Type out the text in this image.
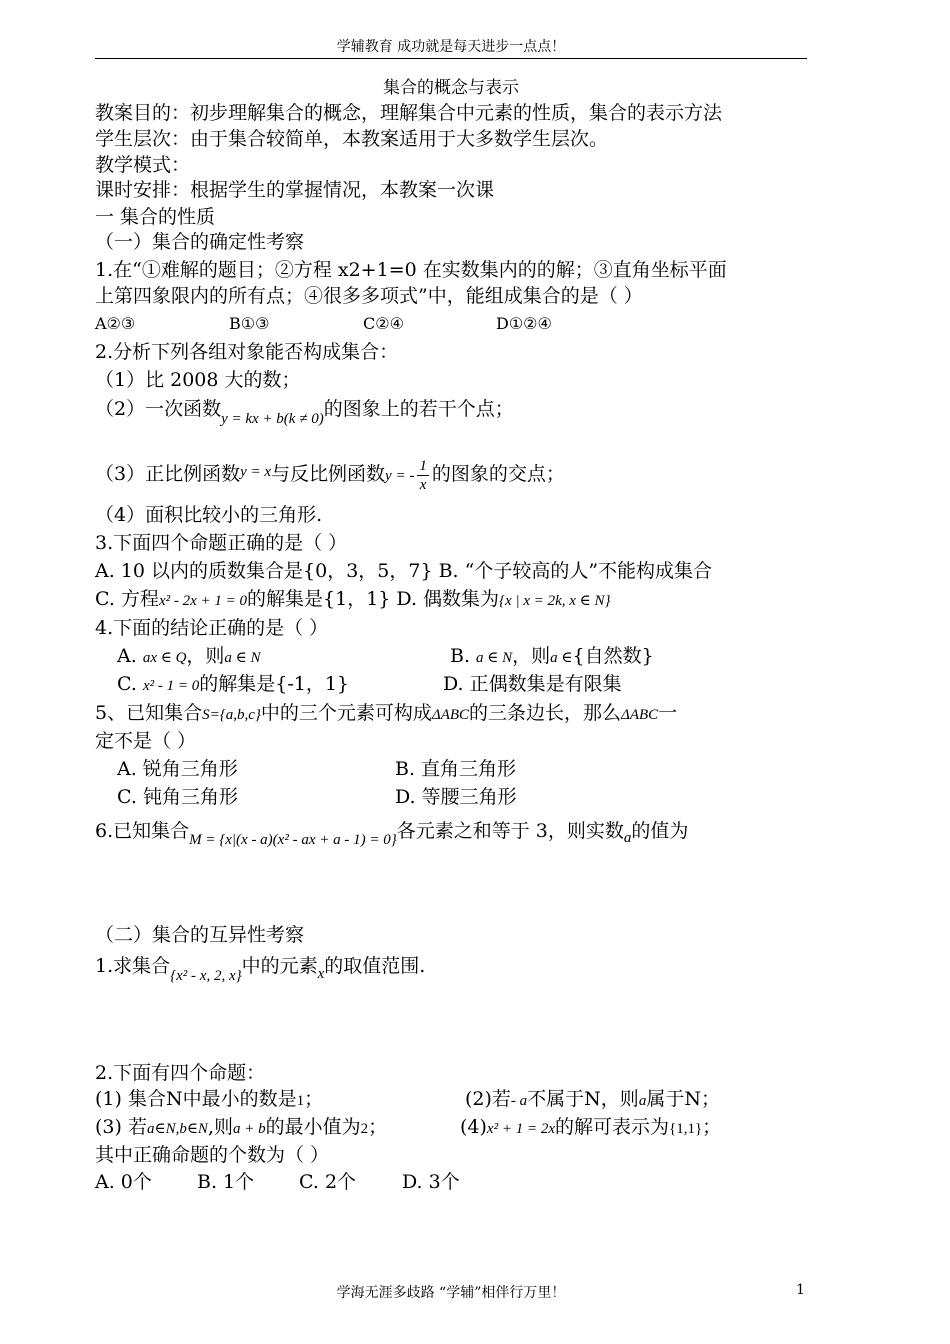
学辅教育 成功就是每天进步一点点！
集合的概念与表示
教案目的：初步理解集合的概念，理解集合中元素的性质，集合的表示方法
学生层次：由于集合较简单，本教案适用于大多数学生层次。
教学模式：
课时安排：根据学生的掌握情况，本教案一次课
一 集合的性质
（一）集合的确定性考察
1.在“①难解的题目；②方程 x2+1=0 在实数集内的的解；③直角坐标平面
上第四象限内的所有点；④很多多项式”中，能组成集合的是（ ）
A②③	B①③	C②④	D①②④
2.分析下列各组对象能否构成集合：
（1）比 2008 大的数；
（2）一次函数$_{y = kx + b(k \ne 0)}$的图象上的若干个点；
（3）正比例函数$^{y = x}$与反比例函数y = - $\frac{1}{x}$ 的图象的交点；
（4）面积比较小的三角形.
3.下面四个命题正确的是（ ）
A. 10 以内的质数集合是{0，3，5，7} B. “个子较高的人”不能构成集合
C. 方程x² - 2x + 1 = 0的解集是{1，1} D. 偶数集为{x | x = 2k, x ∈ N}
4.下面的结论正确的是（ ）
A. ax ∈ Q，则a ∈ N	B. a ∈ N，则a ∈{自然数}
C. x² - 1 = 0的解集是{-1，1}	D. 正偶数集是有限集
5、已知集合S={a,b,c}中的三个元素可构成ΔABC的三条边长，那么ΔABC一
定不是（ ）
A. 锐角三角形	B. 直角三角形
C. 钝角三角形	D. 等腰三角形
6.已知集合$_{M = \{x|(x - a)(x^2 - ax + a - 1) = 0\}}$各元素之和等于 3，则实数$_a$的值为
（二）集合的互异性考察
1.求集合$_{\{x^2 - x, 2, x\}}$中的元素$_x$的取值范围.
2.下面有四个命题：
(1) 集合N中最小的数是1；	(2)若- a不属于N，则a属于N；
(3) 若a∈N,b∈N,则a + b的最小值为2；	(4)x² + 1 = 2x的解可表示为{1,1}；
其中正确命题的个数为（ ）
A. 0个 B. 1个 C. 2个 D. 3个
学海无涯多歧路 “学辅”相伴行万里！	1
